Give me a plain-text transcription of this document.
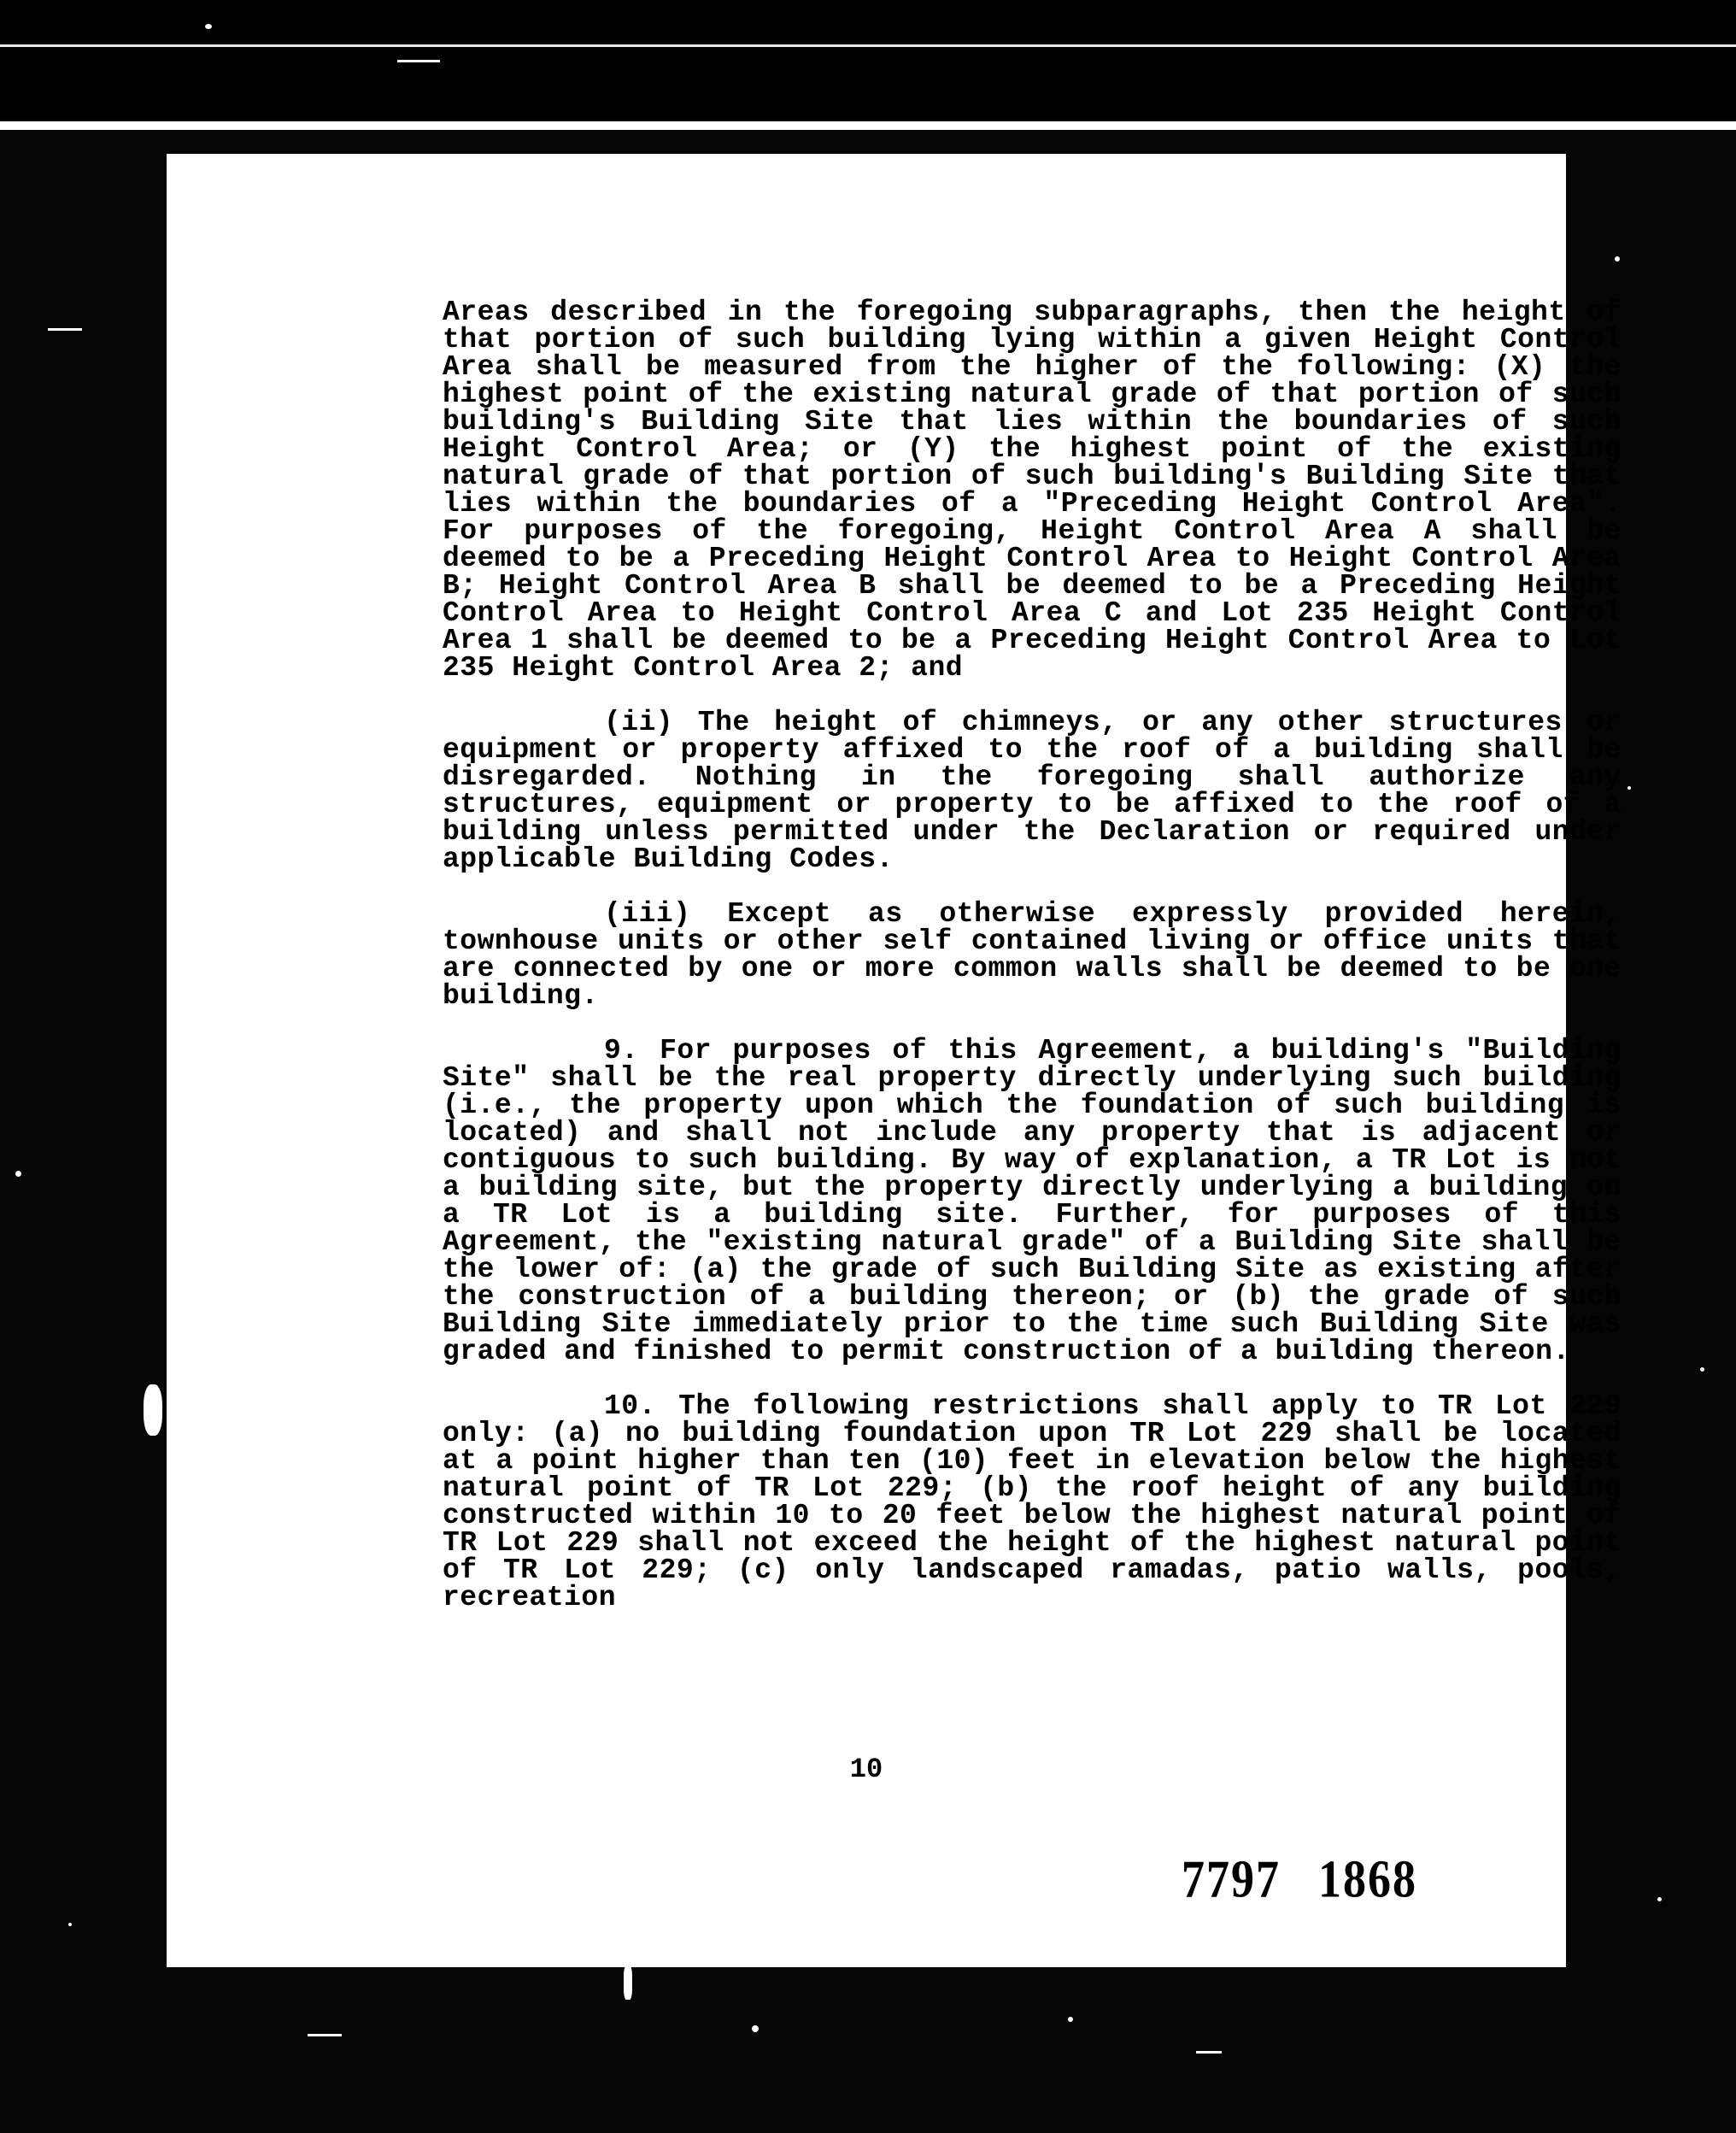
Areas described in the foregoing subparagraphs, then the height of that portion of such building lying within a given Height Control Area shall be measured from the higher of the following: (X) the highest point of the existing natural grade of that portion of such building's Building Site that lies within the boundaries of such Height Control Area; or (Y) the highest point of the existing natural grade of that portion of such building's Building Site that lies within the boundaries of a "Preceding Height Control Area". For purposes of the foregoing, Height Control Area A shall be deemed to be a Preceding Height Control Area to Height Control Area B; Height Control Area B shall be deemed to be a Preceding Height Control Area to Height Control Area C and Lot 235 Height Control Area 1 shall be deemed to be a Preceding Height Control Area to Lot 235 Height Control Area 2; and

(ii) The height of chimneys, or any other structures or equipment or property affixed to the roof of a building shall be disregarded. Nothing in the foregoing shall authorize any structures, equipment or property to be affixed to the roof of a building unless permitted under the Declaration or required under applicable Building Codes.

(iii) Except as otherwise expressly provided herein, townhouse units or other self contained living or office units that are connected by one or more common walls shall be deemed to be one building.

9. For purposes of this Agreement, a building's "Building Site" shall be the real property directly underlying such building (i.e., the property upon which the foundation of such building is located) and shall not include any property that is adjacent or contiguous to such building. By way of explanation, a TR Lot is not a building site, but the property directly underlying a building on a TR Lot is a building site. Further, for purposes of this Agreement, the "existing natural grade" of a Building Site shall be the lower of: (a) the grade of such Building Site as existing after the construction of a building thereon; or (b) the grade of such Building Site immediately prior to the time such Building Site was graded and finished to permit construction of a building thereon.

10. The following restrictions shall apply to TR Lot 229 only: (a) no building foundation upon TR Lot 229 shall be located at a point higher than ten (10) feet in elevation below the highest natural point of TR Lot 229; (b) the roof height of any building constructed within 10 to 20 feet below the highest natural point of TR Lot 229 shall not exceed the height of the highest natural point of TR Lot 229; (c) only landscaped ramadas, patio walls, pools, recreation

10
7797 1868
